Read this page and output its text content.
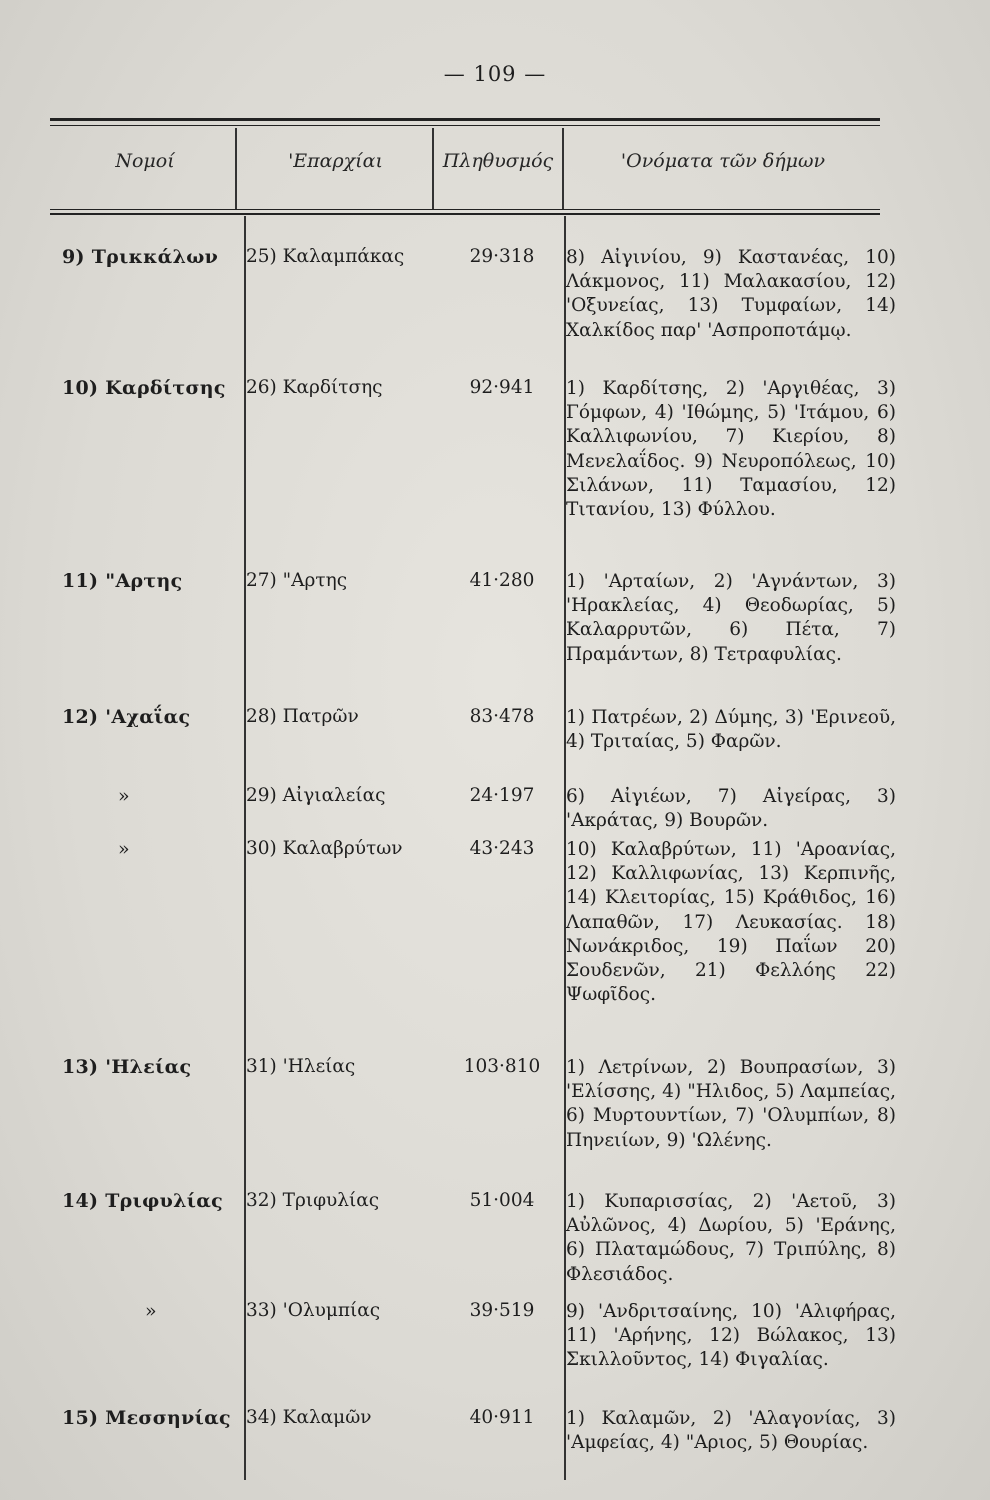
— 109 —
Νομοί	'Επαρχίαι	Πληθυσμός	'Ονόματα τῶν δήμων
9) Τρικκάλων	25) Καλαμπάκας	29·318	8) Αἰγινίου, 9) Καστανέας, 10) Λάκμονος, 11) Μαλακασίου, 12) 'Οξυνείας, 13) Τυμφαίων, 14) Χαλκίδος παρ' 'Ασπροποτάμῳ.
10) Καρδίτσης	26) Καρδίτσης	92·941	1) Καρδίτσης, 2) 'Αργιθέας, 3) Γόμφων, 4) 'Ιθώμης, 5) 'Ιτάμου, 6) Καλλιφωνίου, 7) Κιερίου, 8) Μενελαΐδος. 9) Νευροπόλεως, 10) Σιλάνων, 11) Ταμασίου, 12) Τιτανίου, 13) Φύλλου.
11) "Αρτης	27) "Αρτης	41·280	1) 'Αρταίων, 2) 'Αγνάντων, 3) 'Ηρακλείας, 4) Θεοδωρίας, 5) Καλαρρυτῶν, 6) Πέτα, 7) Πραμάντων, 8) Τετραφυλίας.
12) 'Αχαΐας	28) Πατρῶν	83·478	1) Πατρέων, 2) Δύμης, 3) 'Ερινεοῦ, 4) Τριταίας, 5) Φαρῶν.
»	29) Αἰγιαλείας	24·197	6) Αἰγιέων, 7) Αἰγείρας, 3) 'Ακράτας, 9) Βουρῶν.
»	30) Καλαβρύτων	43·243	10) Καλαβρύτων, 11) 'Αροανίας, 12) Καλλιφωνίας, 13) Κερπινῆς, 14) Κλειτορίας, 15) Κράθιδος, 16) Λαπαθῶν, 17) Λευκασίας. 18) Νωνάκριδος, 19) Παΐων 20) Σουδενῶν, 21) Φελλόης 22) Ψωφῖδος.
13) 'Ηλείας	31) 'Ηλείας	103·810	1) Λετρίνων, 2) Βουπρασίων, 3) 'Ελίσσης, 4) "Ηλιδος, 5) Λαμπείας, 6) Μυρτουντίων, 7) 'Ολυμπίων, 8) Πηνειίων, 9) 'Ωλένης.
14) Τριφυλίας	32) Τριφυλίας	51·004	1) Κυπαρισσίας, 2) 'Αετοῦ, 3) Αὐλῶνος, 4) Δωρίου, 5) 'Εράνης, 6) Πλαταμώδους, 7) Τριπύλης, 8) Φλεσιάδος.
»	33) 'Ολυμπίας	39·519	9) 'Ανδριτσαίνης, 10) 'Αλιφήρας, 11) 'Αρήνης, 12) Βώλακος, 13) Σκιλλοῦντος, 14) Φιγαλίας.
15) Μεσσηνίας 34) Καλαμῶν	40·911	1) Καλαμῶν, 2) 'Αλαγονίας, 3) 'Αμφείας, 4) "Αριος, 5) Θουρίας.
